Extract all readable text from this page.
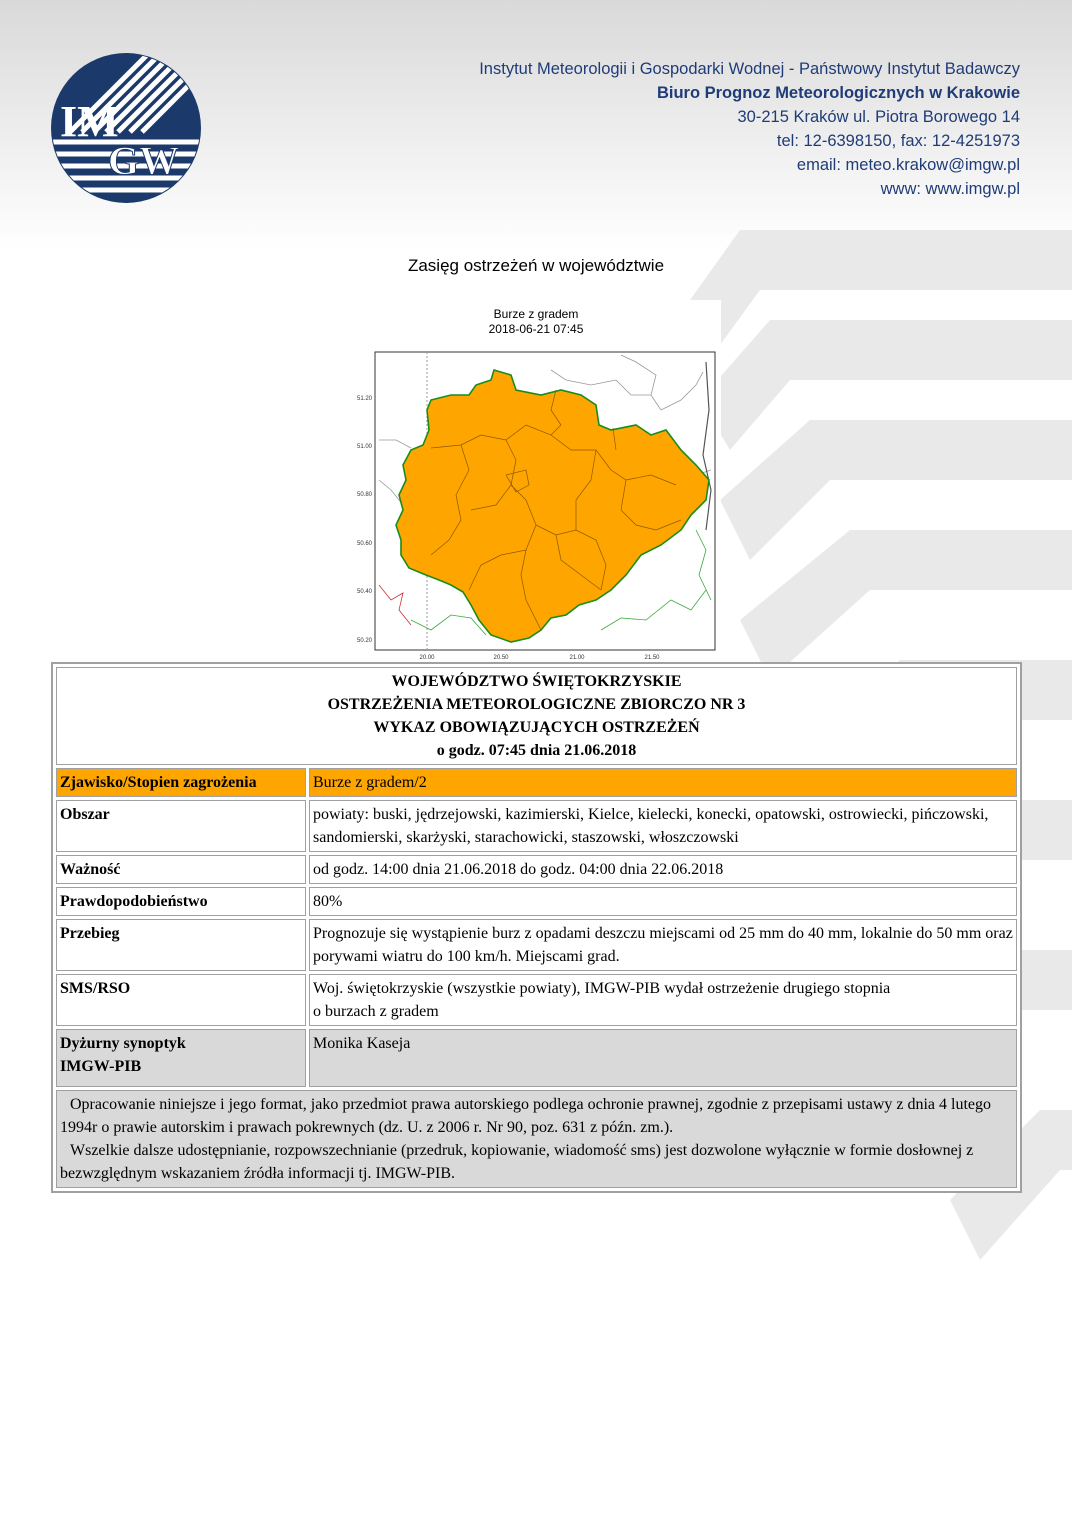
IM
GW
Instytut Meteorologii i Gospodarki Wodnej - Państwowy Instytut Badawczy
Biuro Prognoz Meteorologicznych w Krakowie
30-215 Kraków ul. Piotra Borowego 14
tel: 12-6398150, fax: 12-4251973
email: meteo.krakow@imgw.pl
www: www.imgw.pl
Zasięg ostrzeżeń w województwie
Burze z gradem
2018-06-21 07:45
51.20
51.00
50.80
50.60
50.40
50.20
20.00	20.50	21.00	21.50
WOJEWÓDZTWO ŚWIĘTOKRZYSKIE
OSTRZEŻENIA METEOROLOGICZNE ZBIORCZO NR 3
WYKAZ OBOWIĄZUJĄCYCH OSTRZEŻEŃ
o godz. 07:45 dnia 21.06.2018	

Zjawisko/Stopien zagrożenia	Burze z gradem/2
Obszar	powiaty: buski, jędrzejowski, kazimierski, Kielce, kielecki, konecki, opatowski, ostrowiecki, pińczowski, sandomierski, skarżyski, starachowicki, staszowski, włoszczowski
Ważność	od godz. 14:00 dnia 21.06.2018 do godz. 04:00 dnia 22.06.2018
Prawdopodobieństwo	80%
Przebieg	Prognozuje się wystąpienie burz z opadami deszczu miejscami od 25 mm do 40 mm, lokalnie do 50 mm oraz porywami wiatru do 100 km/h. Miejscami grad.
SMS/RSO	Woj. świętokrzyskie (wszystkie powiaty), IMGW-PIB wydał ostrzeżenie drugiego stopnia
o burzach z gradem

Dyżurny synoptyk
IMGW-PIB	Monika Kaseja

Opracowanie niniejsze i jego format, jako przedmiot prawa autorskiego podlega ochronie prawnej, zgodnie z przepisami ustawy z dnia 4 lutego 1994r o prawie autorskim i prawach pokrewnych (dz. U. z 2006 r. Nr 90, poz. 631 z późn. zm.).
Wszelkie dalsze udostępnianie, rozpowszechnianie (przedruk, kopiowanie, wiadomość sms) jest dozwolone wyłącznie w formie dosłownej z bezwzględnym wskazaniem źródła informacji tj. IMGW-PIB.	
